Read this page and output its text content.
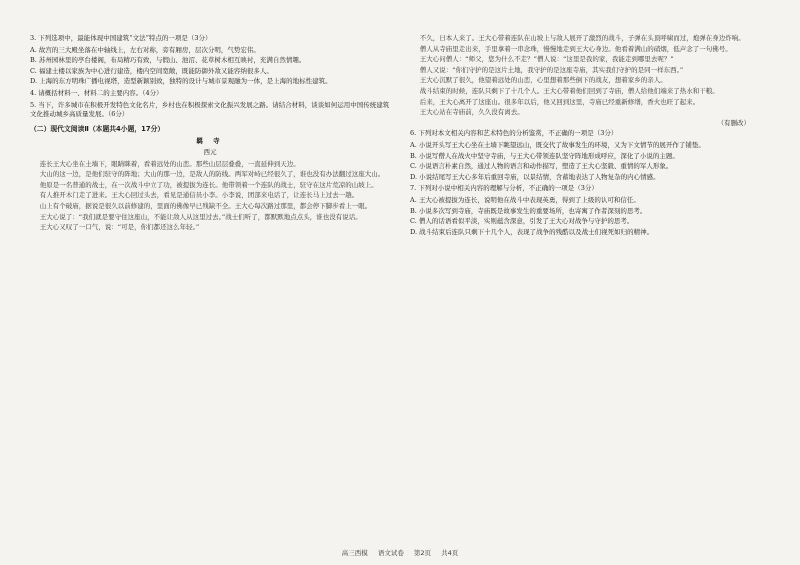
3. 下列选项中，最能体现中国建筑“文法”特点的一项是（3分）

A. 故宫的三大殿坐落在中轴线上，左右对称，旁有厢房，层次分明，气势宏伟。

B. 苏州园林里的亭台楼阁，布局精巧有致，与假山、池沼、花草树木相互映衬，充满自然情趣。

C. 福建土楼以家族为中心进行建造，楼内空间宽敞，既能防御外敌又能容纳很多人。

D. 上海的东方明珠广播电视塔，造型新颖别致，独特的设计与城市景观融为一体，是上海的地标性建筑。

4. 请概括材料一、材料二的主要内容。（4分）

5. 当下，许多城市在积极开发特色文化名片，乡村也在积极探索文化振兴发展之路。请结合材料，谈谈如何运用中国传统建筑文化推动城乡高质量发展。（6分）

（二）现代文阅读Ⅱ（本题共4小题，17分）

羁 寺

西元

连长王大心坐在土墙下，眼睛眯着，看着远处的山峦。那些山层层叠叠，一直延伸到天边。

大山的这一边，是他们驻守的阵地；大山的那一边，是敌人的防线。两军对峙已经很久了，谁也没有办法翻过这座大山。

他原是一名普通的战士，在一次战斗中立了功，被提拔为连长。他带领着一个连队的战士，驻守在这片荒凉的山坡上。

有人推开木门走了进来。王大心回过头去，看见是通信员小李。小李说，团部来电话了，让连长马上过去一趟。

山上有个破庙，据说是很久以前修建的，里面的佛像早已残缺不全。王大心每次路过那里，都会停下脚步看上一眼。

王大心说了：“我们就是要守住这座山，不能让敌人从这里过去。”战士们听了，都默默地点点头，谁也没有说话。

王大心又叹了一口气，说：“可是，你们都还这么年轻。”

不久，日本人来了。王大心带着连队在山坡上与敌人展开了激烈的战斗，子弹在头顶呼啸而过，炮弹在身边炸响。

僧人从寺庙里走出来，手里拿着一串念珠，慢慢地走到王大心身边。他看着满山的硝烟，低声念了一句佛号。

王大心问僧人：“师父，您为什么不走？”僧人说：“这里是我的家，我能走到哪里去呢？”

僧人又说：“你们守护的是这片土地，我守护的是这座寺庙，其实我们守护的是同一样东西。”

王大心沉默了很久，他望着远处的山峦，心里想着那些倒下的战友，想着家乡的亲人。

战斗结束的时候，连队只剩下了十几个人。王大心带着他们回到了寺庙，僧人给他们端来了热水和干粮。

后来，王大心离开了这座山。很多年以后，他又回到这里，寺庙已经重新修缮，香火也旺了起来。

王大心站在寺庙前，久久没有离去。

（有删改）

6. 下列对本文相关内容和艺术特色的分析鉴赏，不正确的一项是（3分）

A. 小说开头写王大心坐在土墙下眺望远山，既交代了故事发生的环境，又为下文情节的展开作了铺垫。

B. 小说写僧人在战火中坚守寺庙，与王大心带领连队坚守阵地形成呼应，深化了小说的主题。

C. 小说语言朴素自然，通过人物的语言和动作描写，塑造了王大心坚毅、重情的军人形象。

D. 小说结尾写王大心多年后重回寺庙，以景结情，含蓄地表达了人物复杂的内心情感。

7. 下列对小说中相关内容的理解与分析，不正确的一项是（3分）

A. 王大心被提拔为连长，说明他在战斗中表现英勇，得到了上级的认可和信任。

B. 小说多次写到寺庙，寺庙既是故事发生的重要场所，也寄寓了作者深刻的思考。

C. 僧人的话语看似平淡，实则蕴含深意，引发了王大心对战争与守护的思考。

D. 战斗结束后连队只剩下十几个人，表现了战争的残酷以及战士们视死如归的精神。

高三西模 语文试卷 第2页 共4页
